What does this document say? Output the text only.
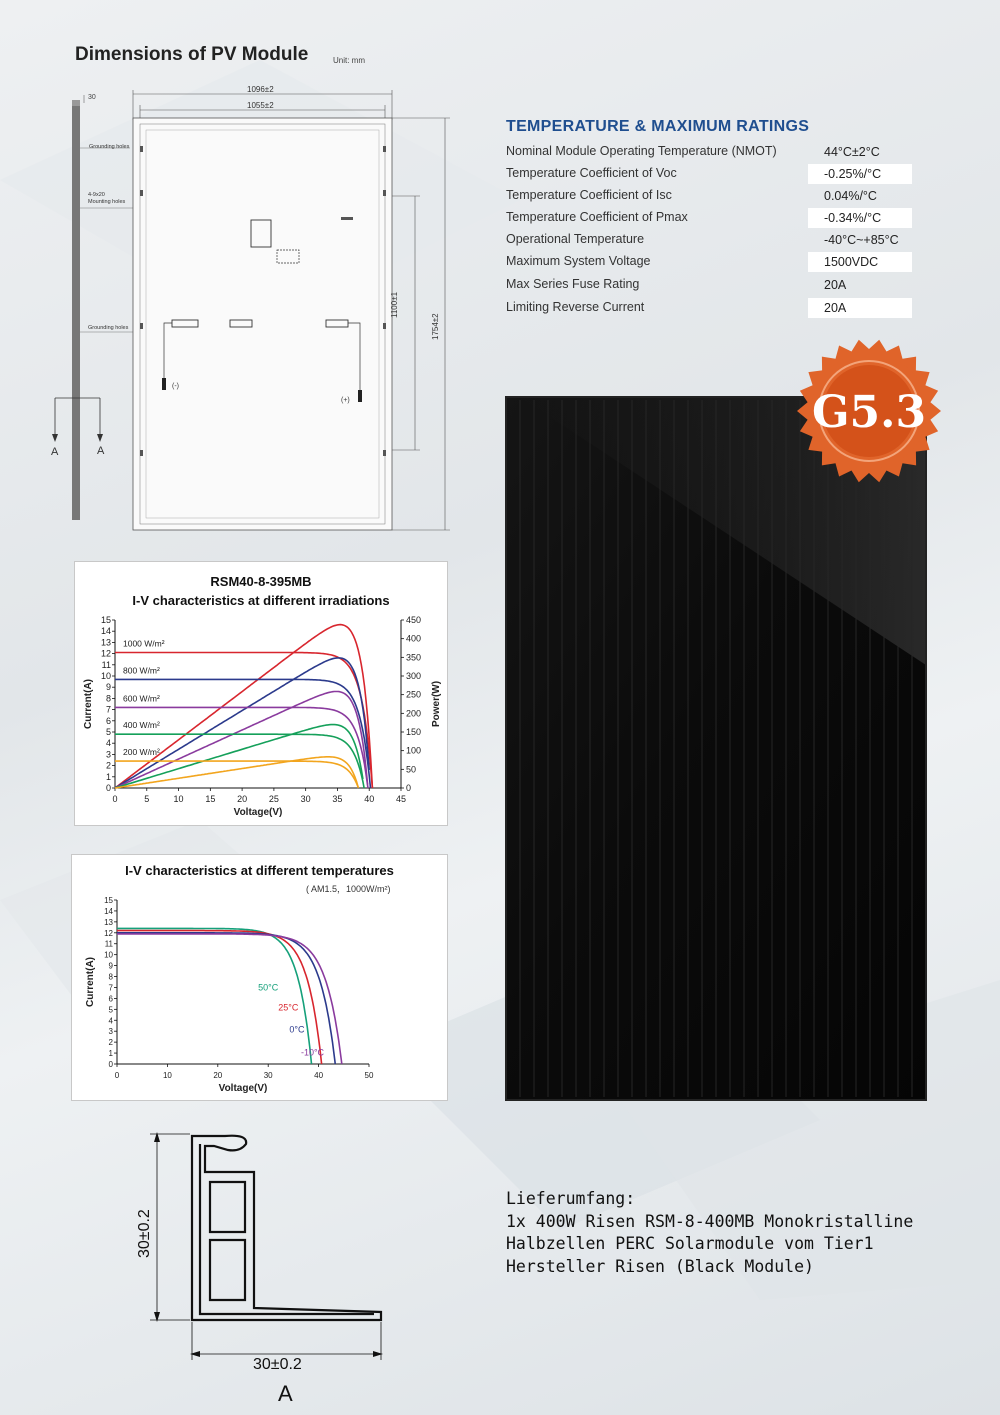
Dimensions of PV Module	Unit: mm
30
1096±2
1055±2
Grounding holes
4-9x20
Mounting holes
Grounding holes
(-)
(+)
A	A
1100±1
1754±2
TEMPERATURE & MAXIMUM RATINGS
Nominal Module Operating Temperature (NMOT)	44°C±2°C
Temperature Coefficient of Voc	-0.25%/°C
Temperature Coefficient of Isc	0.04%/°C
Temperature Coefficient of Pmax	-0.34%/°C
Operational Temperature	-40°C~+85°C
Maximum System Voltage	1500VDC
Max Series Fuse Rating	20A
Limiting Reverse Current	20A
G5.3
RSM40-8-395MB
I-V characteristics at different irradiations
0	5	10 15 20 25 30 35 40 45
0
1
2
3
4
5
6
7
8
9
10
11
12
13
14
15
Voltage(V)
Current(A)
0
50
100
150
200
250
300
350
400
450
Power(W)
1000 W/m²
800 W/m²
600 W/m²
400 W/m²
200 W/m²
I-V characteristics at different temperatures
( AM1.5，1000W/m²)
0	10	20	30	40	50
0
1
2
3
4
5
6
7
8
9
10
11
12
13
14
15
Voltage(V)
Current(A)	50°C
25°C
0°C
-10°C
30±0.2
30±0.2
A
Lieferumfang:
1x 400W Risen RSM-8-400MB Monokristalline
Halbzellen PERC Solarmodule vom Tier1
Hersteller Risen (Black Module)
